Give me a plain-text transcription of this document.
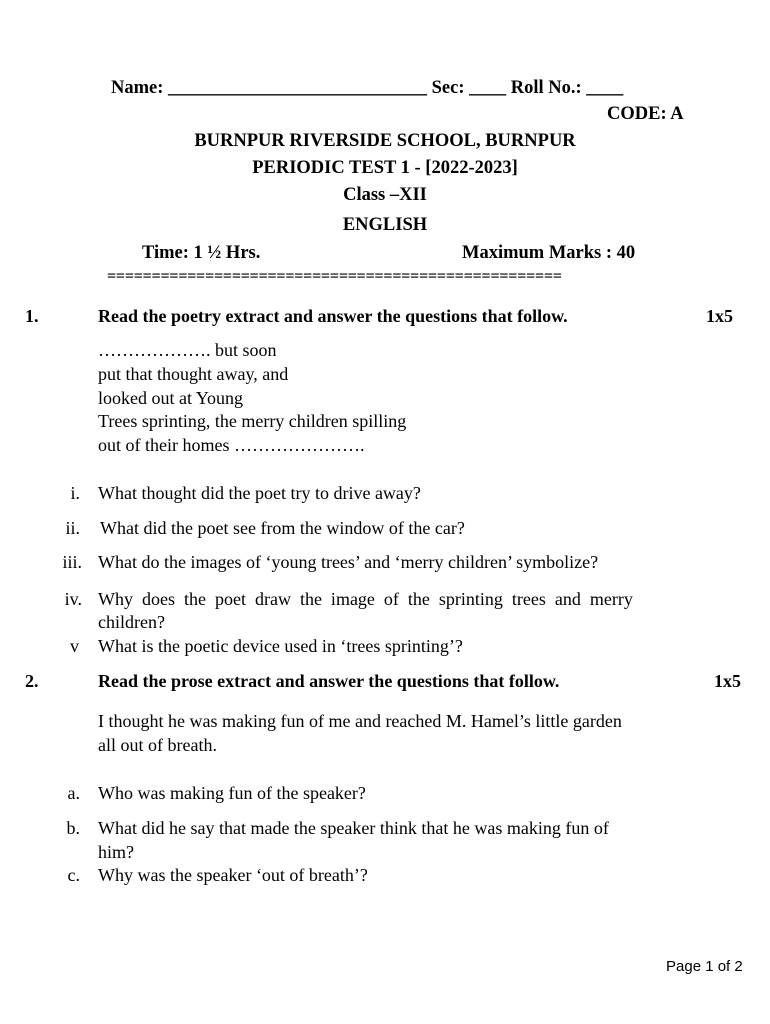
Name: ____________________________ Sec: ____ Roll No.: ____
CODE: A
BURNPUR RIVERSIDE SCHOOL, BURNPUR
PERIODIC TEST 1 - [2022-2023]
Class –XII
ENGLISH
Time: 1 ½ Hrs.	Maximum Marks : 40
===================================================
1.	Read the poetry extract and answer the questions that follow.	1x5
………………. but soon
put that thought away, and
looked out at Young
Trees sprinting, the merry children spilling
out of their homes ………………….
i. What thought did the poet try to drive away?
ii. What did the poet see from the window of the car?
iii. What do the images of ‘young trees’ and ‘merry children’ symbolize?
iv. Why  does  the  poet  draw  the  image  of  the  sprinting  trees  and  merry
children?
v What is the poetic device used in ‘trees sprinting’?
2.	Read the prose extract and answer the questions that follow.	1x5
I thought he was making fun of me and reached M. Hamel’s little garden
all out of breath.
a. Who was making fun of the speaker?
b. What did he say that made the speaker think that he was making fun of
him?
c. Why was the speaker ‘out of breath’?
Page 1 of 2
